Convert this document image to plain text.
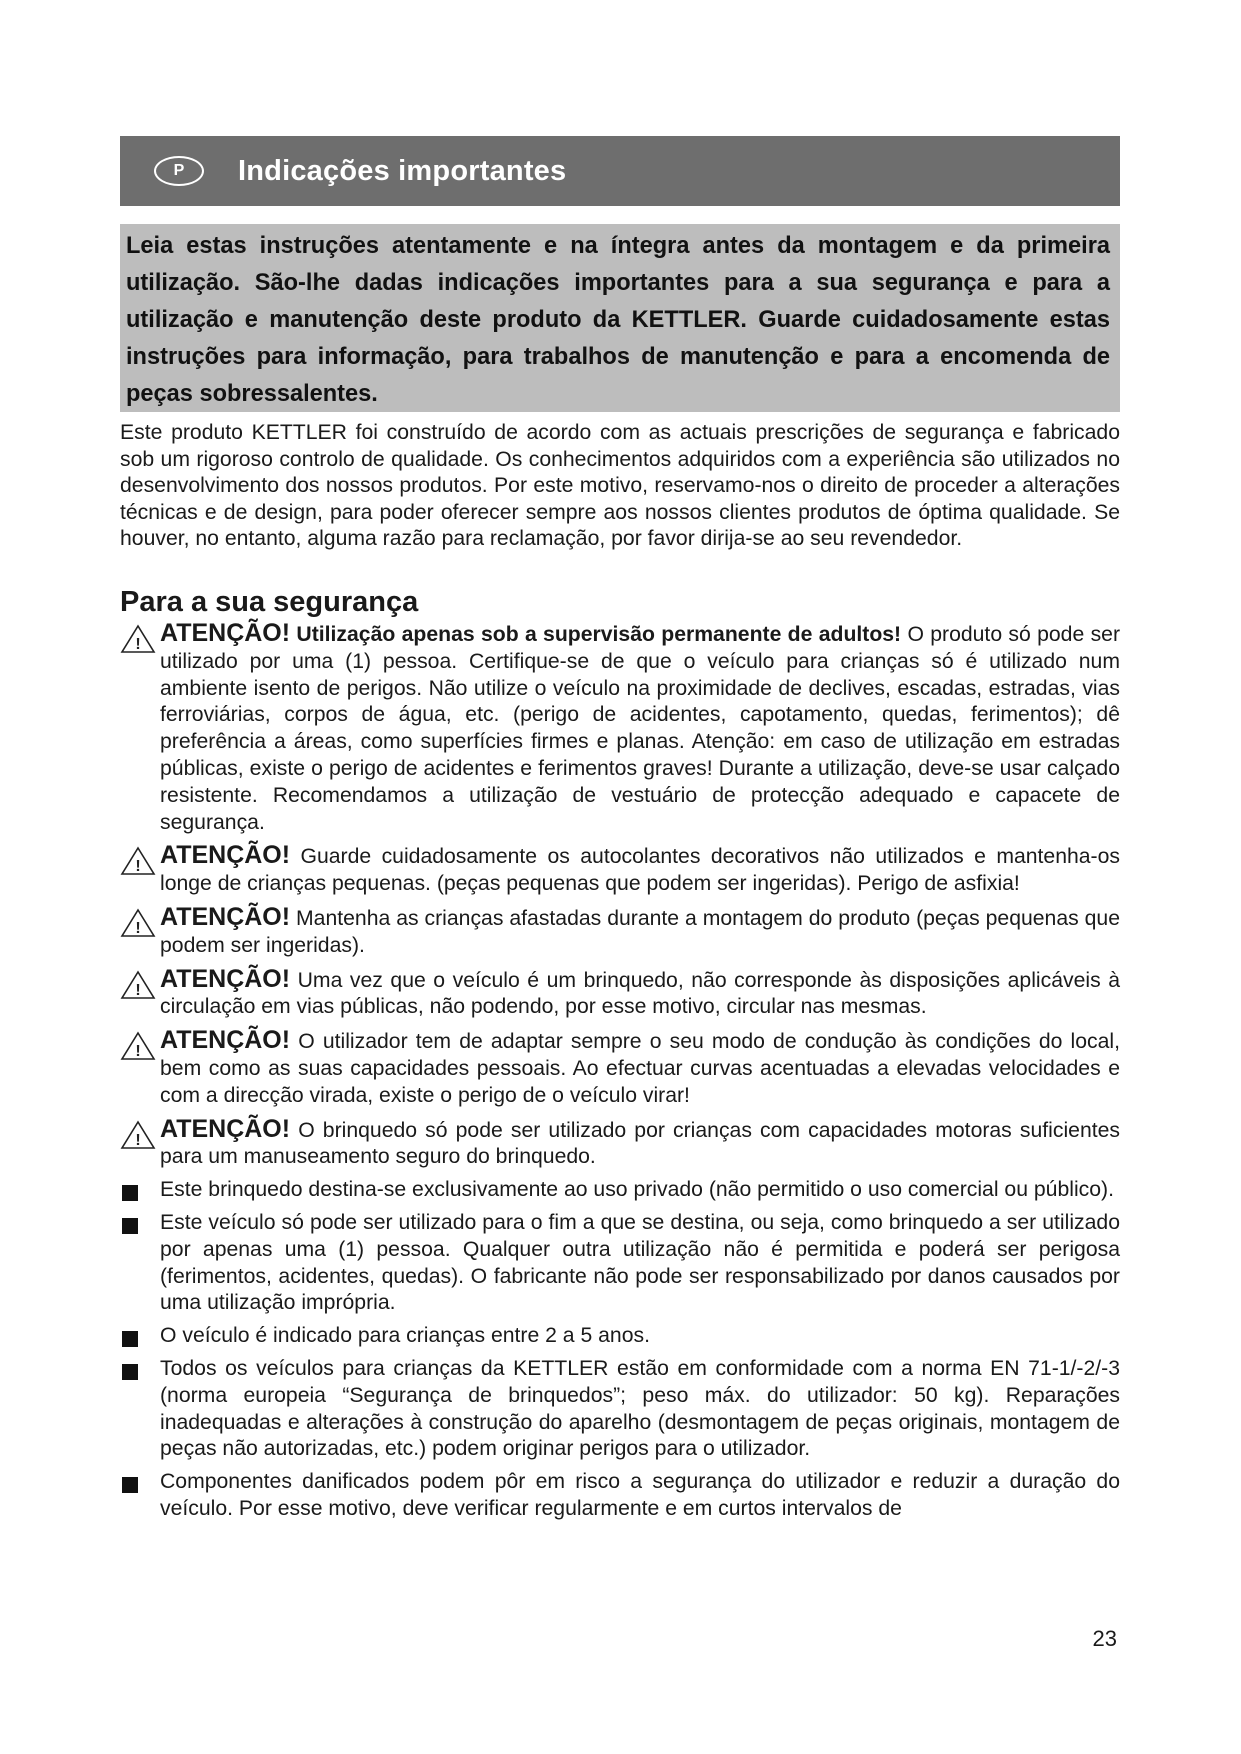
P	Indicações importantes
Leia estas instruções atentamente e na íntegra antes da montagem e da primeira utilização. São-lhe dadas indicações importantes para a sua segurança e para a utilização e manutenção deste produto da KETTLER. Guarde cuidadosamente estas instruções para informação, para trabalhos de manutenção e para a encomenda de peças sobressalentes.
Este produto KETTLER foi construído de acordo com as actuais prescrições de segurança e fabricado sob um rigoroso controlo de qualidade. Os conhecimentos adquiridos com a experiência são utilizados no desenvolvimento dos nossos produtos. Por este motivo, reservamo-nos o direito de proceder a alterações técnicas e de design, para poder oferecer sempre aos nossos clientes produtos de óptima qualidade. Se houver, no entanto, alguma razão para reclamação, por favor dirija-se ao seu revendedor.
Para a sua segurança
! ATENÇÃO! Utilização apenas sob a supervisão permanente de adultos! O produto só pode ser utilizado por uma (1) pessoa. Certifique-se de que o veículo para crianças só é utilizado num ambiente isento de perigos. Não utilize o veículo na proximidade de declives, escadas, estradas, vias ferroviárias, corpos de água, etc. (perigo de acidentes, capotamento, quedas, ferimentos); dê preferência a áreas, como superfícies firmes e planas. Atenção: em caso de utilização em estradas públicas, existe o perigo de acidentes e ferimentos graves! Durante a utilização, deve-se usar calçado resistente. Recomendamos a utilização de vestuário de protecção adequado e capacete de segurança.
! ATENÇÃO! Guarde cuidadosamente os autocolantes decorativos não utilizados e mantenha-os longe de crianças pequenas. (peças pequenas que podem ser ingeridas). Perigo de asfixia!
! ATENÇÃO! Mantenha as crianças afastadas durante a montagem do produto (peças pequenas que podem ser ingeridas).
! ATENÇÃO! Uma vez que o veículo é um brinquedo, não corresponde às disposições aplicáveis à circulação em vias públicas, não podendo, por esse motivo, circular nas mesmas.
! ATENÇÃO! O utilizador tem de adaptar sempre o seu modo de condução às condições do local, bem como as suas capacidades pessoais. Ao efectuar curvas acentuadas a elevadas velocidades e com a direcção virada, existe o perigo de o veículo virar!
! ATENÇÃO! O brinquedo só pode ser utilizado por crianças com capacidades motoras suficientes para um manuseamento seguro do brinquedo.
Este brinquedo destina-se exclusivamente ao uso privado (não permitido o uso comercial ou público).
Este veículo só pode ser utilizado para o fim a que se destina, ou seja, como brinquedo a ser utilizado por apenas uma (1) pessoa. Qualquer outra utilização não é permitida e poderá ser perigosa (ferimentos, acidentes, quedas). O fabricante não pode ser responsabilizado por danos causados por uma utilização imprópria.
O veículo é indicado para crianças entre 2 a 5 anos.
Todos os veículos para crianças da KETTLER estão em conformidade com a norma EN 71-1/-2/-3 (norma europeia “Segurança de brinquedos”; peso máx. do utilizador: 50 kg). Reparações inadequadas e alterações à construção do aparelho (desmontagem de peças originais, montagem de peças não autorizadas, etc.) podem originar perigos para o utilizador.
Componentes danificados podem pôr em risco a segurança do utilizador e reduzir a duração do veículo. Por esse motivo, deve verificar regularmente e em curtos intervalos de
23
